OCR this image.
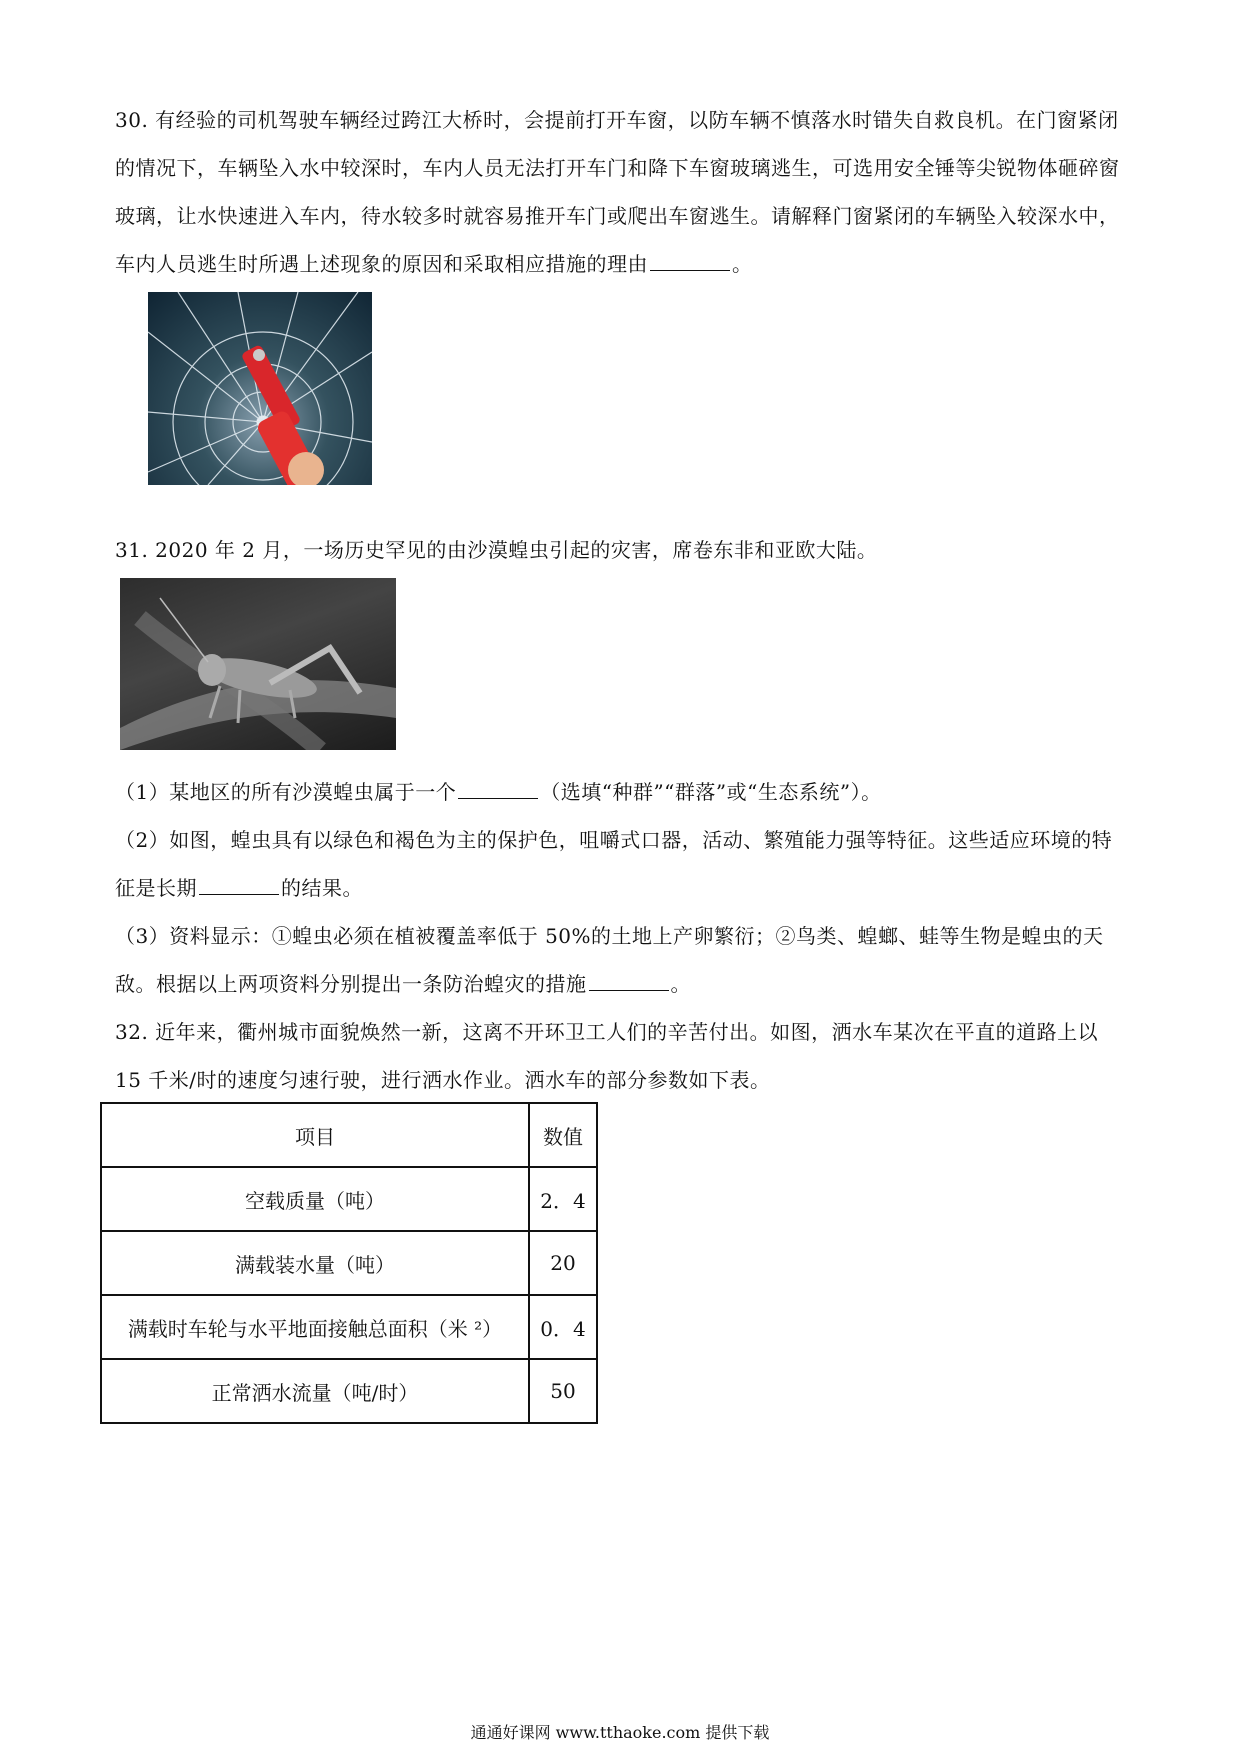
30. 有经验的司机驾驶车辆经过跨江大桥时，会提前打开车窗，以防车辆不慎落水时错失自救良机。在门窗紧闭的情况下，车辆坠入水中较深时，车内人员无法打开车门和降下车窗玻璃逃生，可选用安全锤等尖锐物体砸碎窗玻璃，让水快速进入车内，待水较多时就容易推开车门或爬出车窗逃生。请解释门窗紧闭的车辆坠入较深水中，车内人员逃生时所遇上述现象的原因和采取相应措施的理由	。

31. 2020 年 2 月，一场历史罕见的由沙漠蝗虫引起的灾害，席卷东非和亚欧大陆。

（1）某地区的所有沙漠蝗虫属于一个	（选填“种群”“群落”或“生态系统”）。

（2）如图，蝗虫具有以绿色和褐色为主的保护色，咀嚼式口器，活动、繁殖能力强等特征。这些适应环境的特征是长期	的结果。

（3）资料显示：①蝗虫必须在植被覆盖率低于 50%的土地上产卵繁衍；②鸟类、蝗螂、蛙等生物是蝗虫的天敌。根据以上两项资料分别提出一条防治蝗灾的措施	。

32. 近年来，衢州城市面貌焕然一新，这离不开环卫工人们的辛苦付出。如图，洒水车某次在平直的道路上以 15 千米/时的速度匀速行驶，进行洒水作业。洒水车的部分参数如下表。

项目	数值
空载质量（吨）	2．4
满载装水量（吨）	20
满载时车轮与水平地面接触总面积（米 ²）	0．4
正常洒水流量（吨/时）	50
通通好课网 www.tthaoke.com 提供下载
